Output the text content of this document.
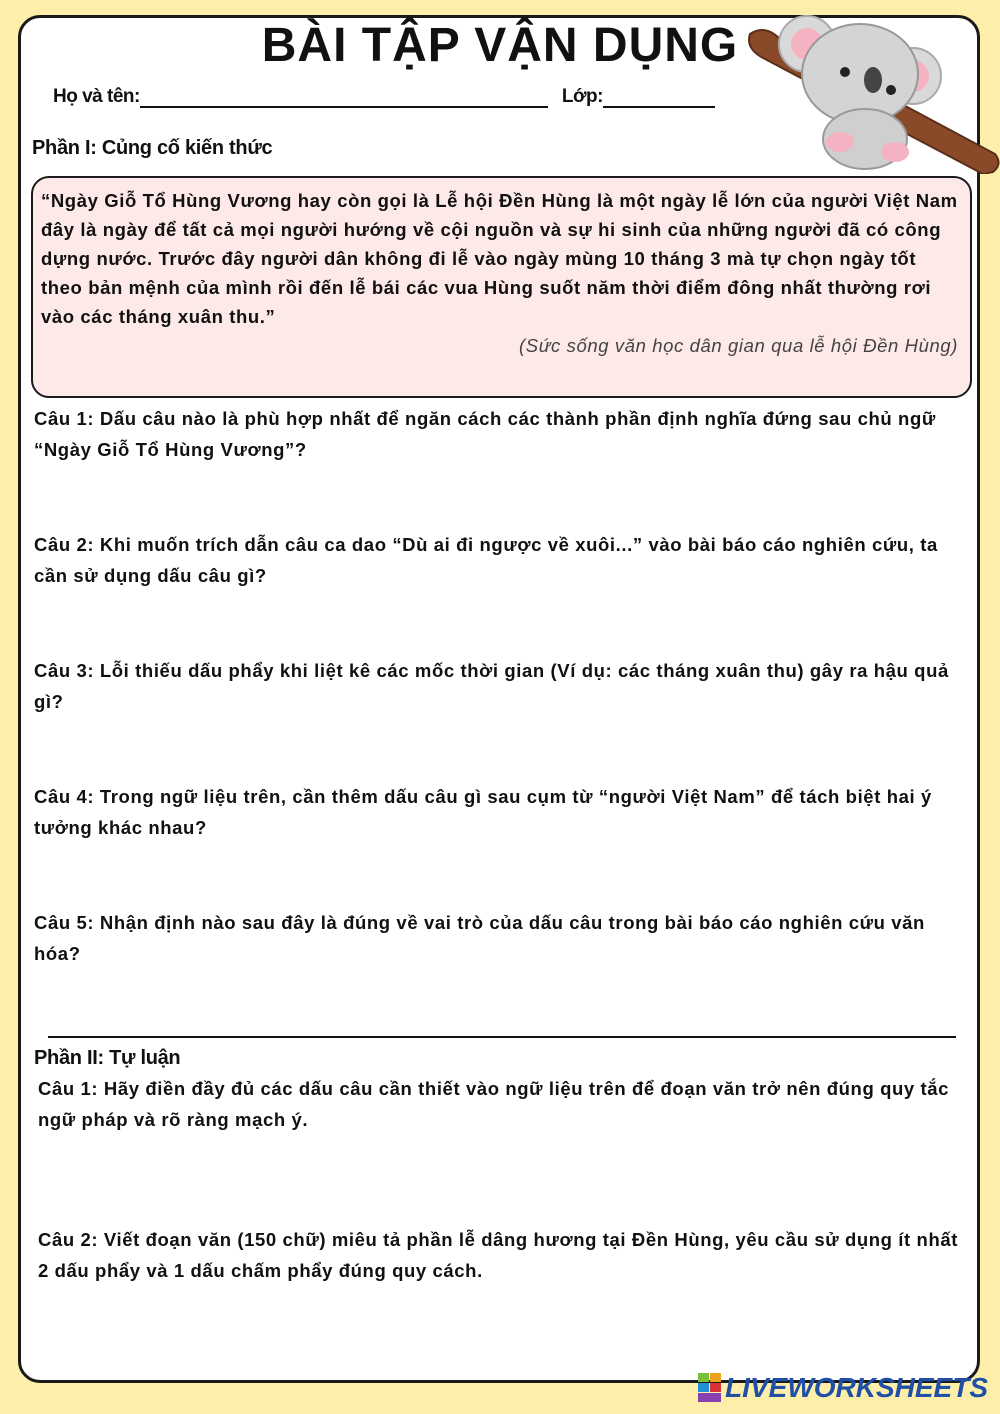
BÀI TẬP VẬN DỤNG
Họ và tên:	Lớp:
Phần I: Củng cố kiến thức
“Ngày Giỗ Tổ Hùng Vương hay còn gọi là Lễ hội Đền Hùng là một ngày lễ lớn của người Việt Nam đây là ngày để tất cả mọi người hướng về cội nguồn và sự hi sinh của những người đã có công dựng nước. Trước đây người dân không đi lễ vào ngày mùng 10 tháng 3 mà tự chọn ngày tốt theo bản mệnh của mình rồi đến lễ bái các vua Hùng suốt năm thời điểm đông nhất thường rơi vào các tháng xuân thu.”
(Sức sống văn học dân gian qua lễ hội Đền Hùng)

Câu 1: Dấu câu nào là phù hợp nhất để ngăn cách các thành phần định nghĩa đứng sau chủ ngữ “Ngày Giỗ Tổ Hùng Vương”?

Câu 2: Khi muốn trích dẫn câu ca dao “Dù ai đi ngược về xuôi...” vào bài báo cáo nghiên cứu, ta cần sử dụng dấu câu gì?

Câu 3: Lỗi thiếu dấu phẩy khi liệt kê các mốc thời gian (Ví dụ: các tháng xuân thu) gây ra hậu quả gì?

Câu 4: Trong ngữ liệu trên, cần thêm dấu câu gì sau cụm từ “người Việt Nam” để tách biệt hai ý tưởng khác nhau?

Câu 5: Nhận định nào sau đây là đúng về vai trò của dấu câu trong bài báo cáo nghiên cứu văn hóa?

Phần II: Tự luận

Câu 1: Hãy điền đầy đủ các dấu câu cần thiết vào ngữ liệu trên để đoạn văn trở nên đúng quy tắc ngữ pháp và rõ ràng mạch ý.

Câu 2: Viết đoạn văn (150 chữ) miêu tả phần lễ dâng hương tại Đền Hùng, yêu cầu sử dụng ít nhất 2 dấu phẩy và 1 dấu chấm phẩy đúng quy cách.

LIVEWORKSHEETS
